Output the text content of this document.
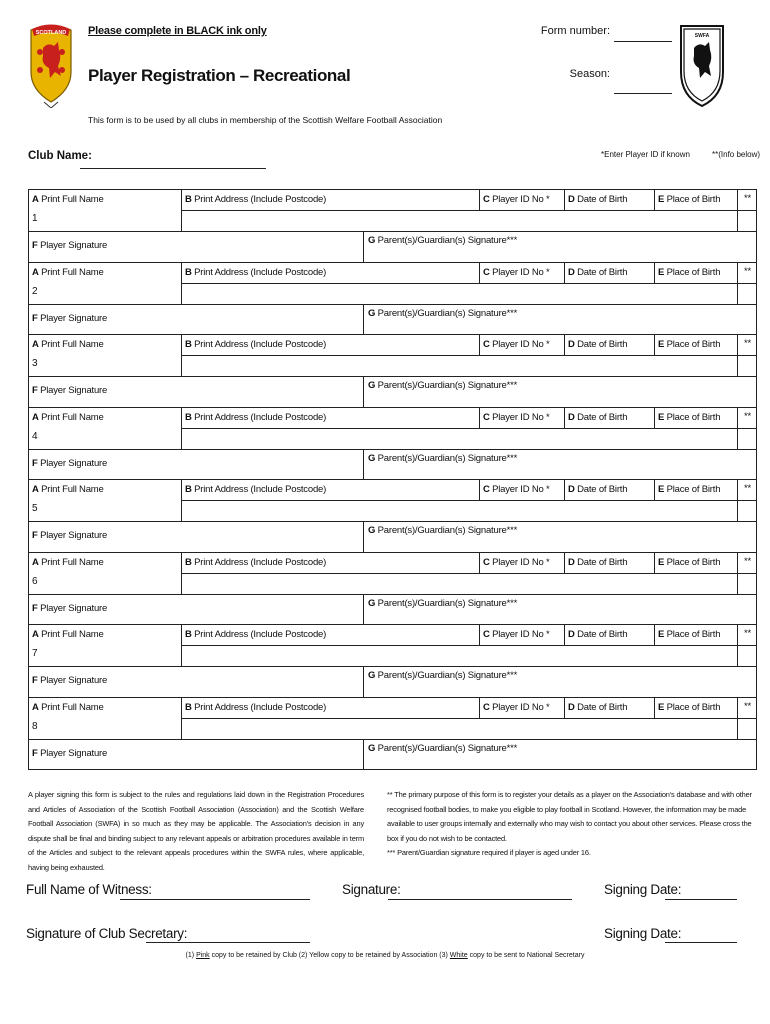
SCOTLAND Please complete in BLACK ink only
Player Registration – Recreational
This form is to be used by all clubs in membership of the Scottish Welfare Football Association
Form number:
Season:
SWFA
Club Name:	*Enter Player ID if known	**(Info below)
A Print Full Name	B Print Address (Include Postcode)	C Player ID No *	D Date of Birth	E Place of Birth	**
1
F Player Signature	G Parent(s)/Guardian(s) Signature***
A Print Full Name	B Print Address (Include Postcode)	C Player ID No *	D Date of Birth	E Place of Birth	**
2
F Player Signature	G Parent(s)/Guardian(s) Signature***
A Print Full Name	B Print Address (Include Postcode)	C Player ID No *	D Date of Birth	E Place of Birth	**
3
F Player Signature	G Parent(s)/Guardian(s) Signature***
A Print Full Name	B Print Address (Include Postcode)	C Player ID No *	D Date of Birth	E Place of Birth	**
4
F Player Signature	G Parent(s)/Guardian(s) Signature***
A Print Full Name	B Print Address (Include Postcode)	C Player ID No *	D Date of Birth	E Place of Birth	**
5
F Player Signature	G Parent(s)/Guardian(s) Signature***
A Print Full Name	B Print Address (Include Postcode)	C Player ID No *	D Date of Birth	E Place of Birth	**
6
F Player Signature	G Parent(s)/Guardian(s) Signature***
A Print Full Name	B Print Address (Include Postcode)	C Player ID No *	D Date of Birth	E Place of Birth	**
7
F Player Signature	G Parent(s)/Guardian(s) Signature***
A Print Full Name	B Print Address (Include Postcode)	C Player ID No *	D Date of Birth	E Place of Birth	**
8
F Player Signature	G Parent(s)/Guardian(s) Signature***
A player signing this form is subject to the rules and regulations laid down in the Registration Procedures and Articles of Association of the Scottish Football Association (Association) and the Scottish Welfare Football Association (SWFA) in so much as they may be applicable. The Association's decision in any dispute shall be final and binding subject to any relevant appeals or arbitration procedures available in term of the Articles and subject to the relevant appeals procedures within the SWFA rules, where applicable, having being exhausted.
** The primary purpose of this form is to register your details as a player on the Association's database and with other recognised football bodies, to make you eligible to play football in Scotland. However, the information may be made available to user groups internally and externally who may wish to contact you about other services. Please cross the box if you do not wish to be contacted.
*** Parent/Guardian signature required if player is aged under 16.
Full Name of Witness:	Signature:	Signing Date:
Signature of Club Secretary:	Signing Date:
(1) Pink copy to be retained by Club (2) Yellow copy to be retained by Association (3) White copy to be sent to National Secretary
